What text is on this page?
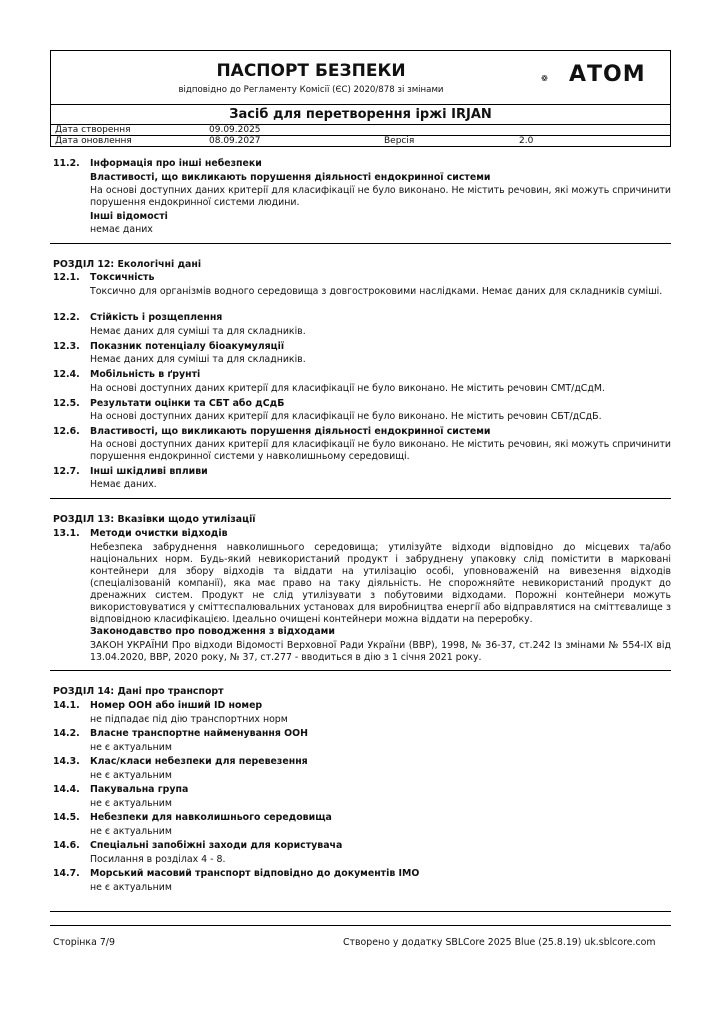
ПАСПОРТ БЕЗПЕКИ
відповідно до Регламенту Комісії (ЄС) 2020/878 зі змінами
АТОМ
Засіб для перетворення іржі IRJAN
Дата створення	09.09.2025
Дата оновлення	08.09.2027	Версія	2.0
11.2. Інформація про інші небезпеки
Властивості, що викликають порушення діяльності ендокринної системи
На основі доступних даних критерії для класифікації не було виконано. Не містить речовин, які можуть спричинити порушення ендокринної системи людини.
Інші відомості
немає даних
РОЗДІЛ 12: Екологічні дані
12.1. Токсичність
Токсично для організмів водного середовища з довгостроковими наслідками. Немає даних для складників суміші.
12.2. Стійкість і розщеплення
Немає даних для суміші та для складників.
12.3. Показник потенціалу біоакумуляції
Немає даних для суміші та для складників.
12.4. Мобільність в ґрунті
На основі доступних даних критерії для класифікації не було виконано. Не містить речовин СМТ/дСдМ.
12.5. Результати оцінки та СБТ або дСдБ
На основі доступних даних критерії для класифікації не було виконано. Не містить речовин СБТ/дСдБ.
12.6. Властивості, що викликають порушення діяльності ендокринної системи
На основі доступних даних критерії для класифікації не було виконано. Не містить речовин, які можуть спричинити порушення ендокринної системи у навколишньому середовищі.
12.7. Інші шкідливі впливи
Немає даних.
РОЗДІЛ 13: Вказівки щодо утилізації
13.1. Методи очистки відходів
Небезпека забруднення навколишнього середовища; утилізуйте відходи відповідно до місцевих та/або національних норм. Будь-який невикористаний продукт і забруднену упаковку слід помістити в марковані контейнери для збору відходів та віддати на утилізацію особі, уповноваженій на вивезення відходів (спеціалізованій компанії), яка має право на таку діяльність. Не спорожняйте невикористаний продукт до дренажних систем. Продукт не слід утилізувати з побутовими відходами. Порожні контейнери можуть використовуватися у сміттєспалювальних установах для виробництва енергії або відправлятися на сміттєвалище з відповідною класифікацією. Ідеально очищені контейнери можна віддати на переробку.
Законодавство про поводження з відходами
ЗАКОН УКРАЇНИ Про відходи Відомості Верховної Ради України (ВВР), 1998, № 36-37, ст.242 Із змінами № 554-IX від 13.04.2020, ВВР, 2020 року, № 37, ст.277 - вводиться в дію з 1 січня 2021 року.
РОЗДІЛ 14: Дані про транспорт
14.1. Номер ООН або інший ID номер
не підпадає під дію транспортних норм
14.2. Власне транспортне найменування ООН
не є актуальним
14.3. Клас/класи небезпеки для перевезення
не є актуальним
14.4. Пакувальна група
не є актуальним
14.5. Небезпеки для навколишнього середовища
не є актуальним
14.6. Спеціальні запобіжні заходи для користувача
Посилання в розділах 4 - 8.
14.7. Морський масовий транспорт відповідно до документів IMO
не є актуальним
Сторінка 7/9	Створено у додатку SBLCore 2025 Blue (25.8.19) uk.sblcore.com
